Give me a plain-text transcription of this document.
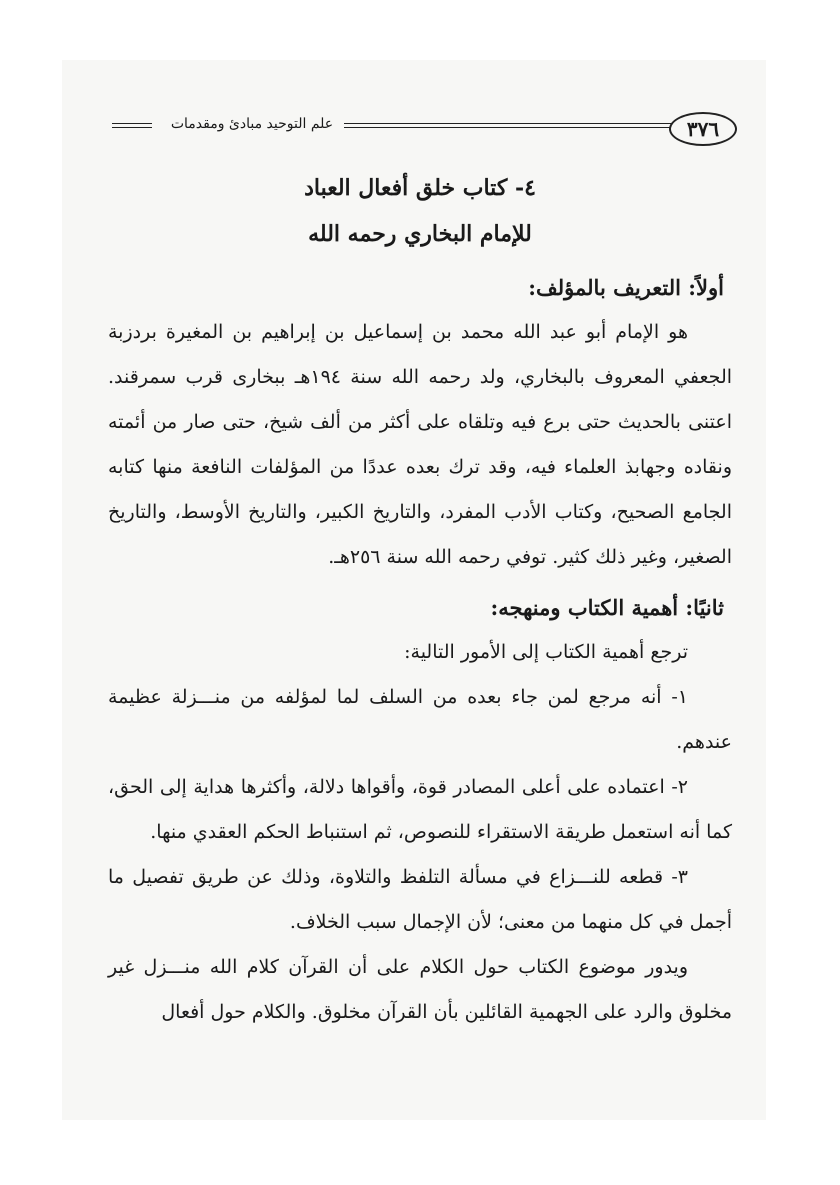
علم التوحيد مبادئ ومقدمات	٣٧٦
٤- كتاب خلق أفعال العباد
للإمام البخاري رحمه الله
أولاً: التعريف بالمؤلف:

هو الإمام أبو عبد الله محمد بن إسماعيل بن إبراهيم بن المغيرة بردزبة الجعفي المعروف بالبخاري، ولد رحمه الله سنة ١٩٤هـ ببخارى قرب سمرقند. اعتنى بالحديث حتى برع فيه وتلقاه على أكثر من ألف شيخ، حتى صار من أئمته ونقاده وجهابذ العلماء فيه، وقد ترك بعده عددًا من المؤلفات النافعة منها كتابه الجامع الصحيح، وكتاب الأدب المفرد، والتاريخ الكبير، والتاريخ الأوسط، والتاريخ الصغير، وغير ذلك كثير. توفي رحمه الله سنة ٢٥٦هـ.

ثانيًا: أهمية الكتاب ومنهجه:

ترجع أهمية الكتاب إلى الأمور التالية:

١- أنه مرجع لمن جاء بعده من السلف لما لمؤلفه من منـــزلة عظيمة عندهم.

٢- اعتماده على أعلى المصادر قوة، وأقواها دلالة، وأكثرها هداية إلى الحق، كما أنه استعمل طريقة الاستقراء للنصوص، ثم استنباط الحكم العقدي منها.

٣- قطعه للنـــزاع في مسألة التلفظ والتلاوة، وذلك عن طريق تفصيل ما أجمل في كل منهما من معنى؛ لأن الإجمال سبب الخلاف.

ويدور موضوع الكتاب حول الكلام على أن القرآن كلام الله منـــزل غير مخلوق والرد على الجهمية القائلين بأن القرآن مخلوق. والكلام حول أفعال
